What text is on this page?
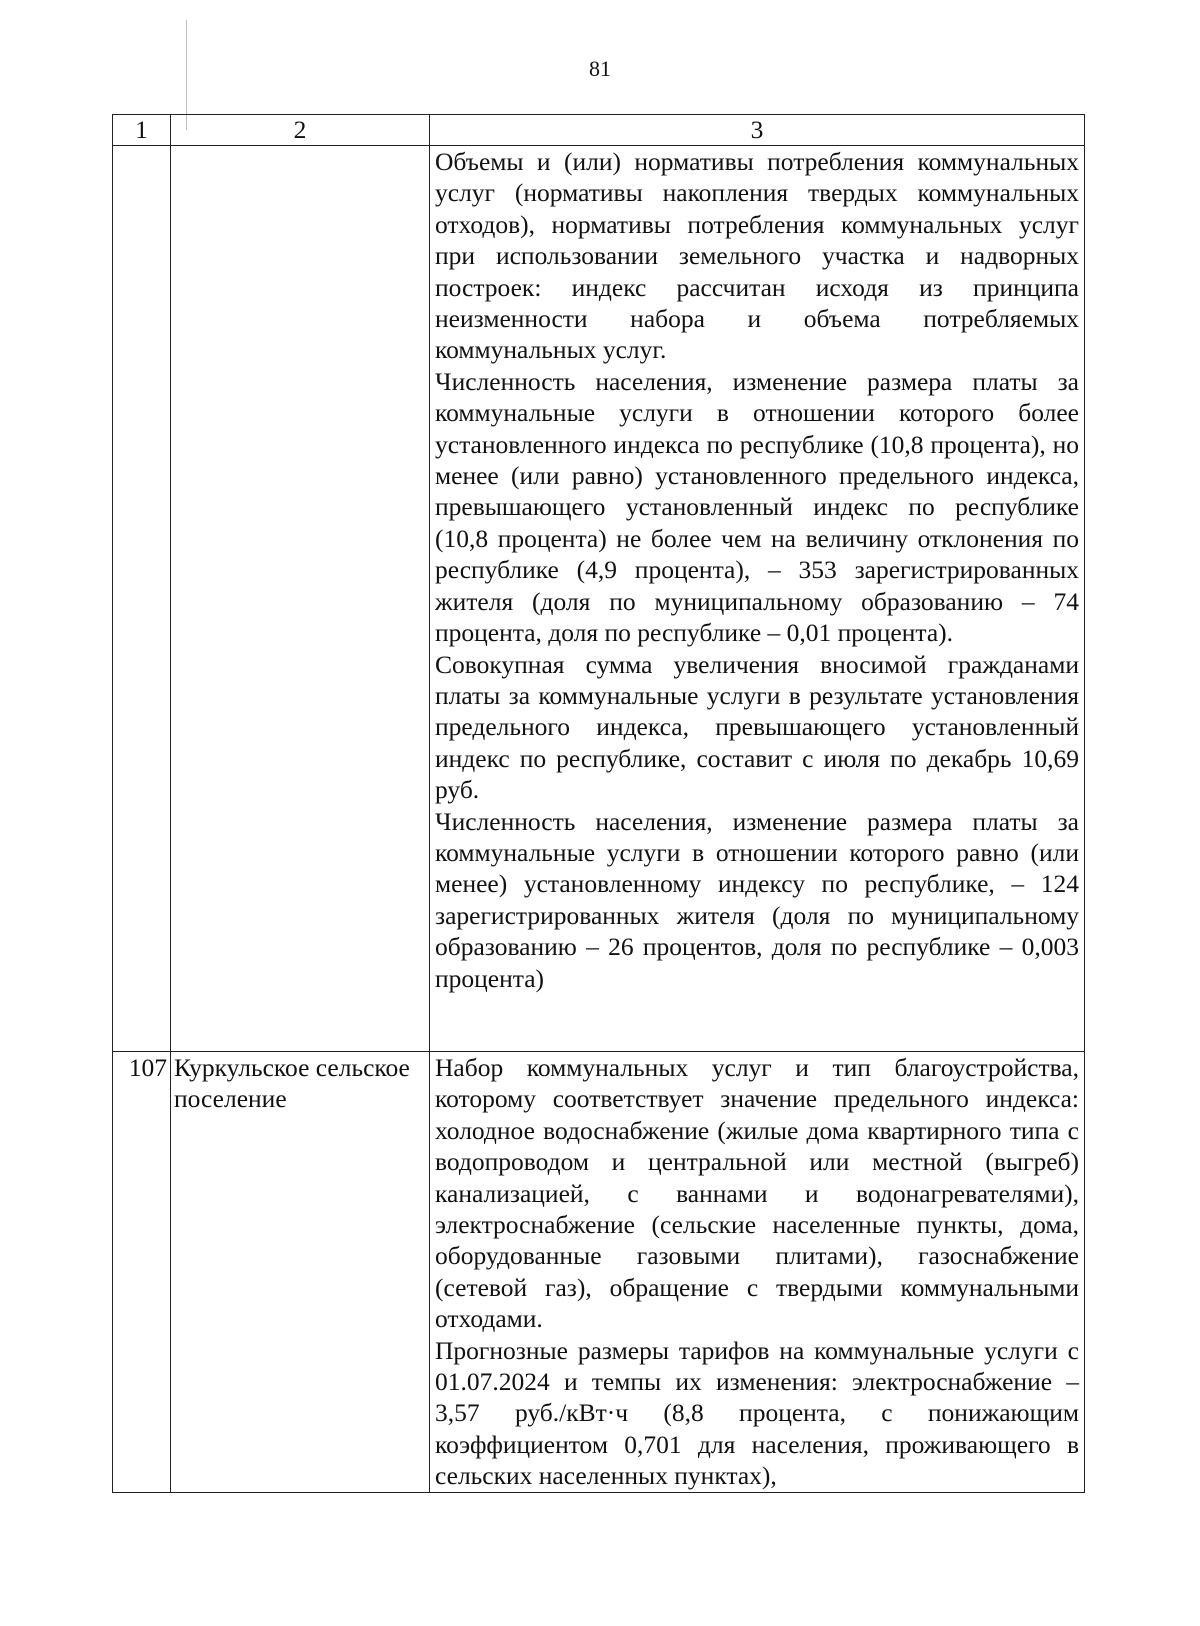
81
1	2	3

		Объемы и (или) нормативы потребления коммунальных услуг (нормативы накопления твердых коммунальных отходов), нормативы потребления коммунальных услуг при использовании земельного участка и надворных построек: индекс рассчитан исходя из принципа неизменности набора и объема потребляемых коммунальных услуг.

Численность населения, изменение размера платы за коммунальные услуги в отношении которого более установленного индекса по республике (10,8 процента), но менее (или равно) установленного предельного индекса, превышающего установленный индекс по республике (10,8 процента) не более чем на величину отклонения по республике (4,9 процента), – 353 зарегистрированных жителя (доля по муниципальному образованию – 74 процента, доля по республике – 0,01 процента).

Совокупная сумма увеличения вносимой гражданами платы за коммунальные услуги в результате установления предельного индекса, превышающего установленный индекс по республике, составит с июля по декабрь 10,69 руб.

Численность населения, изменение размера платы за коммунальные услуги в отношении которого равно (или менее) установленному индексу по республике, – 124 зарегистрированных жителя (доля по муниципальному образованию – 26 процентов, доля по республике – 0,003 процента)

107	Куркульское сельское поселение	Набор коммунальных услуг и тип благоустройства, которому соответствует значение предельного индекса: холодное водоснабжение (жилые дома квартирного типа с водопроводом и центральной или местной (выгреб) канализацией, с ваннами и водонагревателями), электроснабжение (сельские населенные пункты, дома, оборудованные газовыми плитами), газоснабжение (сетевой газ), обращение с твердыми коммунальными отходами.

Прогнозные размеры тарифов на коммунальные услуги с 01.07.2024 и темпы их изменения: электроснабжение – 3,57 руб./кВт·ч (8,8 процента, с понижающим коэффициентом 0,701 для населения, проживающего в сельских населенных пунктах),
